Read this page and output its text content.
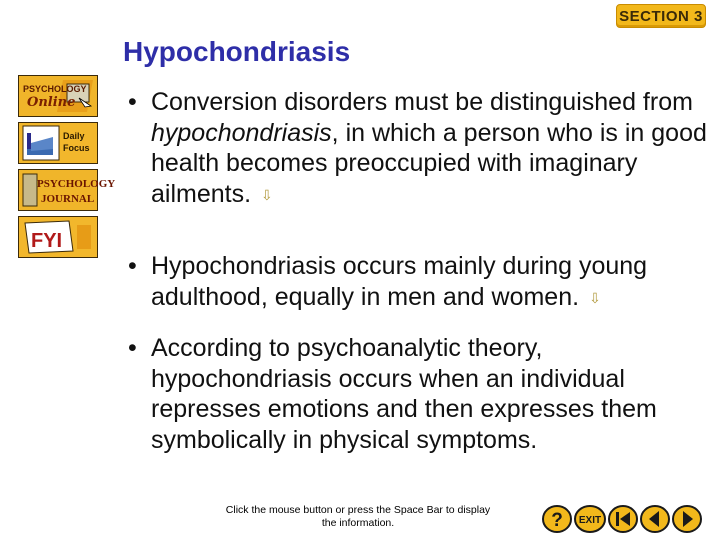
SECTION 3
Hypochondriasis
PSYCHOLOGY
Online
Daily
Focus
PSYCHOLOGY
JOURNAL
FYI
• Conversion disorders must be distinguished from hypochondriasis, in which a person who is in good health becomes preoccupied with imaginary ailments. ⇩
• Hypochondriasis occurs mainly during young adulthood, equally in men and women. ⇩
• According to psychoanalytic theory, hypochondriasis occurs when an individual represses emotions and then expresses them symbolically in physical symptoms.
Click the mouse button or press the Space Bar to display the information.	? EXIT
